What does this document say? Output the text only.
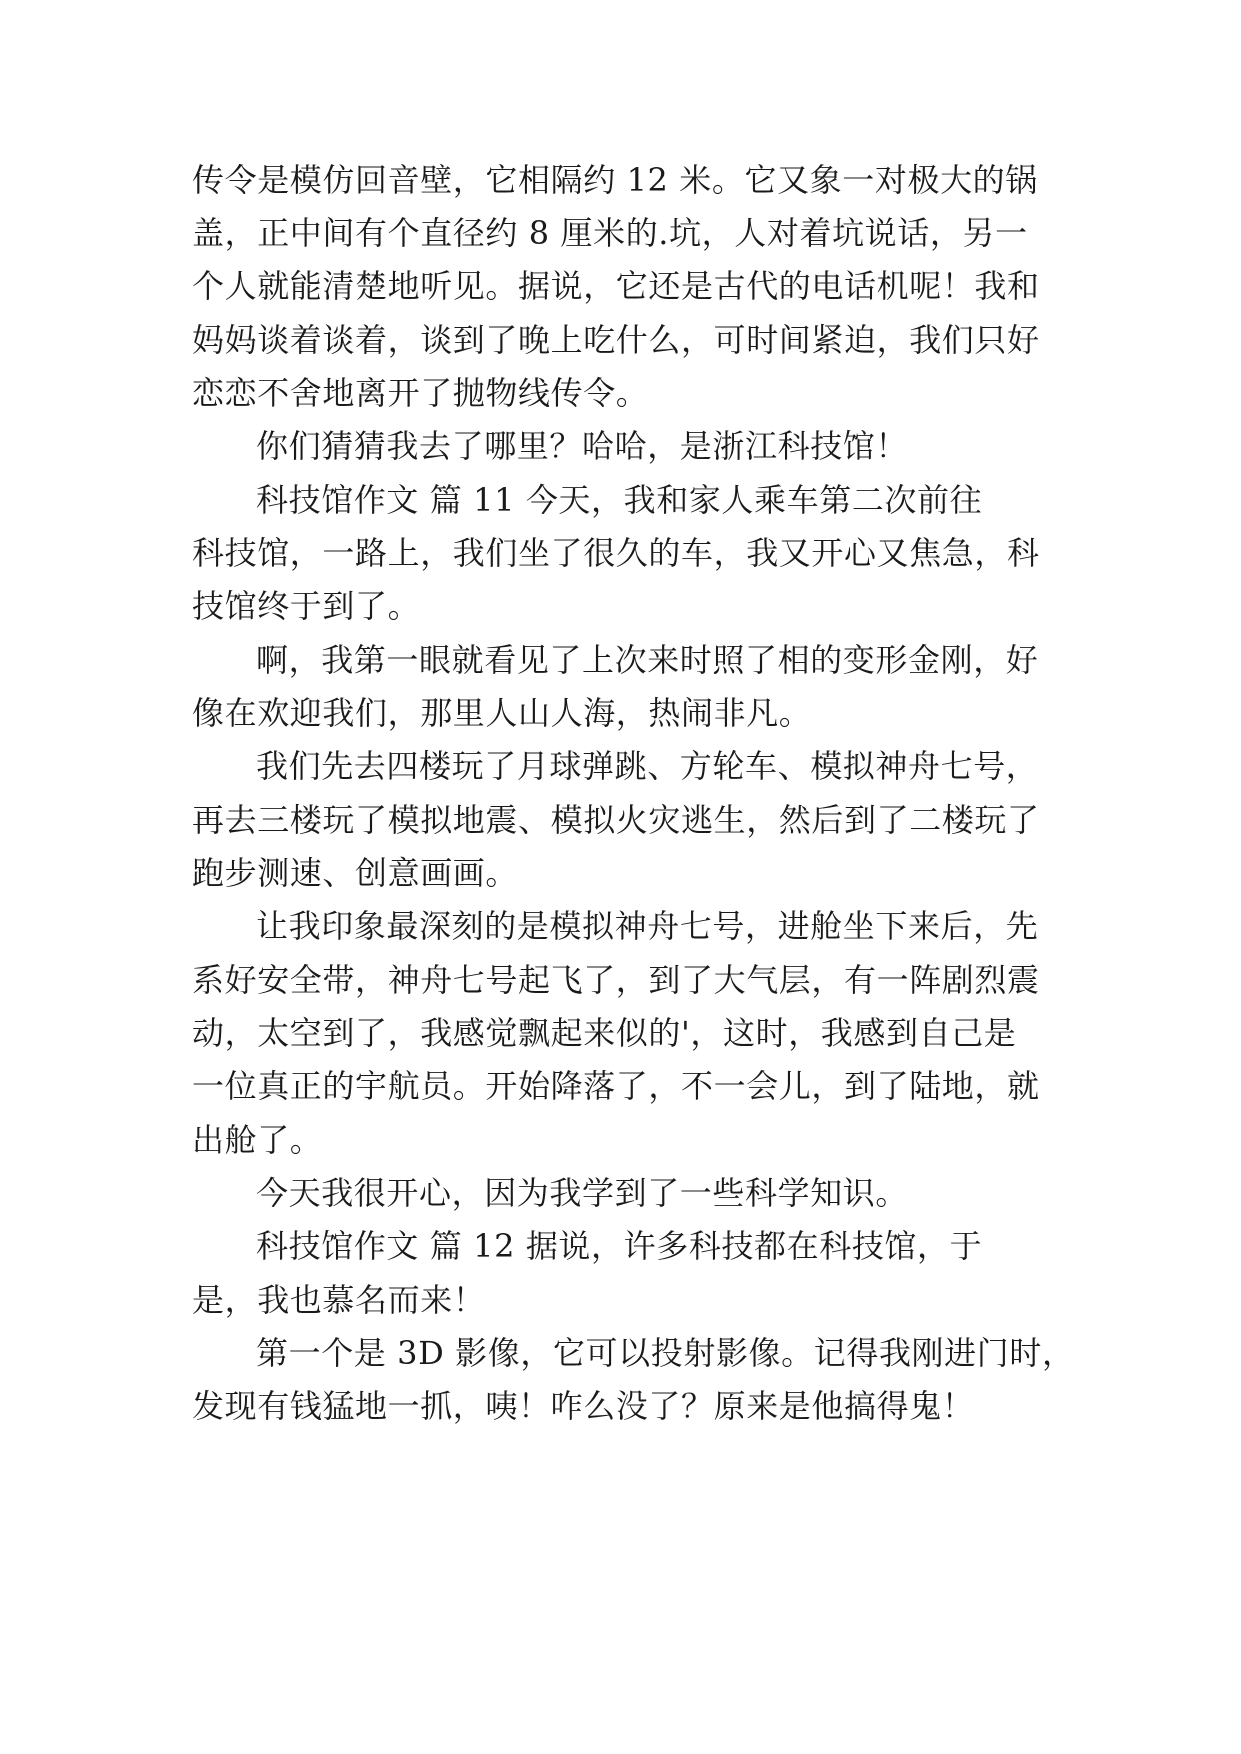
传令是模仿回音壁，它相隔约 12 米。它又象一对极大的锅
盖，正中间有个直径约 8 厘米的.坑，人对着坑说话，另一
个人就能清楚地听见。据说，它还是古代的电话机呢！我和
妈妈谈着谈着，谈到了晚上吃什么，可时间紧迫，我们只好
恋恋不舍地离开了抛物线传令。
你们猜猜我去了哪里？哈哈，是浙江科技馆！
科技馆作文 篇 11 今天，我和家人乘车第二次前往
科技馆，一路上，我们坐了很久的车，我又开心又焦急，科
技馆终于到了。
啊，我第一眼就看见了上次来时照了相的变形金刚，好
像在欢迎我们，那里人山人海，热闹非凡。
我们先去四楼玩了月球弹跳、方轮车、模拟神舟七号，
再去三楼玩了模拟地震、模拟火灾逃生，然后到了二楼玩了
跑步测速、创意画画。
让我印象最深刻的是模拟神舟七号，进舱坐下来后，先
系好安全带，神舟七号起飞了，到了大气层，有一阵剧烈震
动，太空到了，我感觉飘起来似的'，这时，我感到自己是
一位真正的宇航员。开始降落了，不一会儿，到了陆地，就
出舱了。
今天我很开心，因为我学到了一些科学知识。
科技馆作文 篇 12 据说，许多科技都在科技馆，于
是，我也慕名而来！
第一个是 3D 影像，它可以投射影像。记得我刚进门时，
发现有钱猛地一抓，咦！咋么没了？原来是他搞得鬼！
